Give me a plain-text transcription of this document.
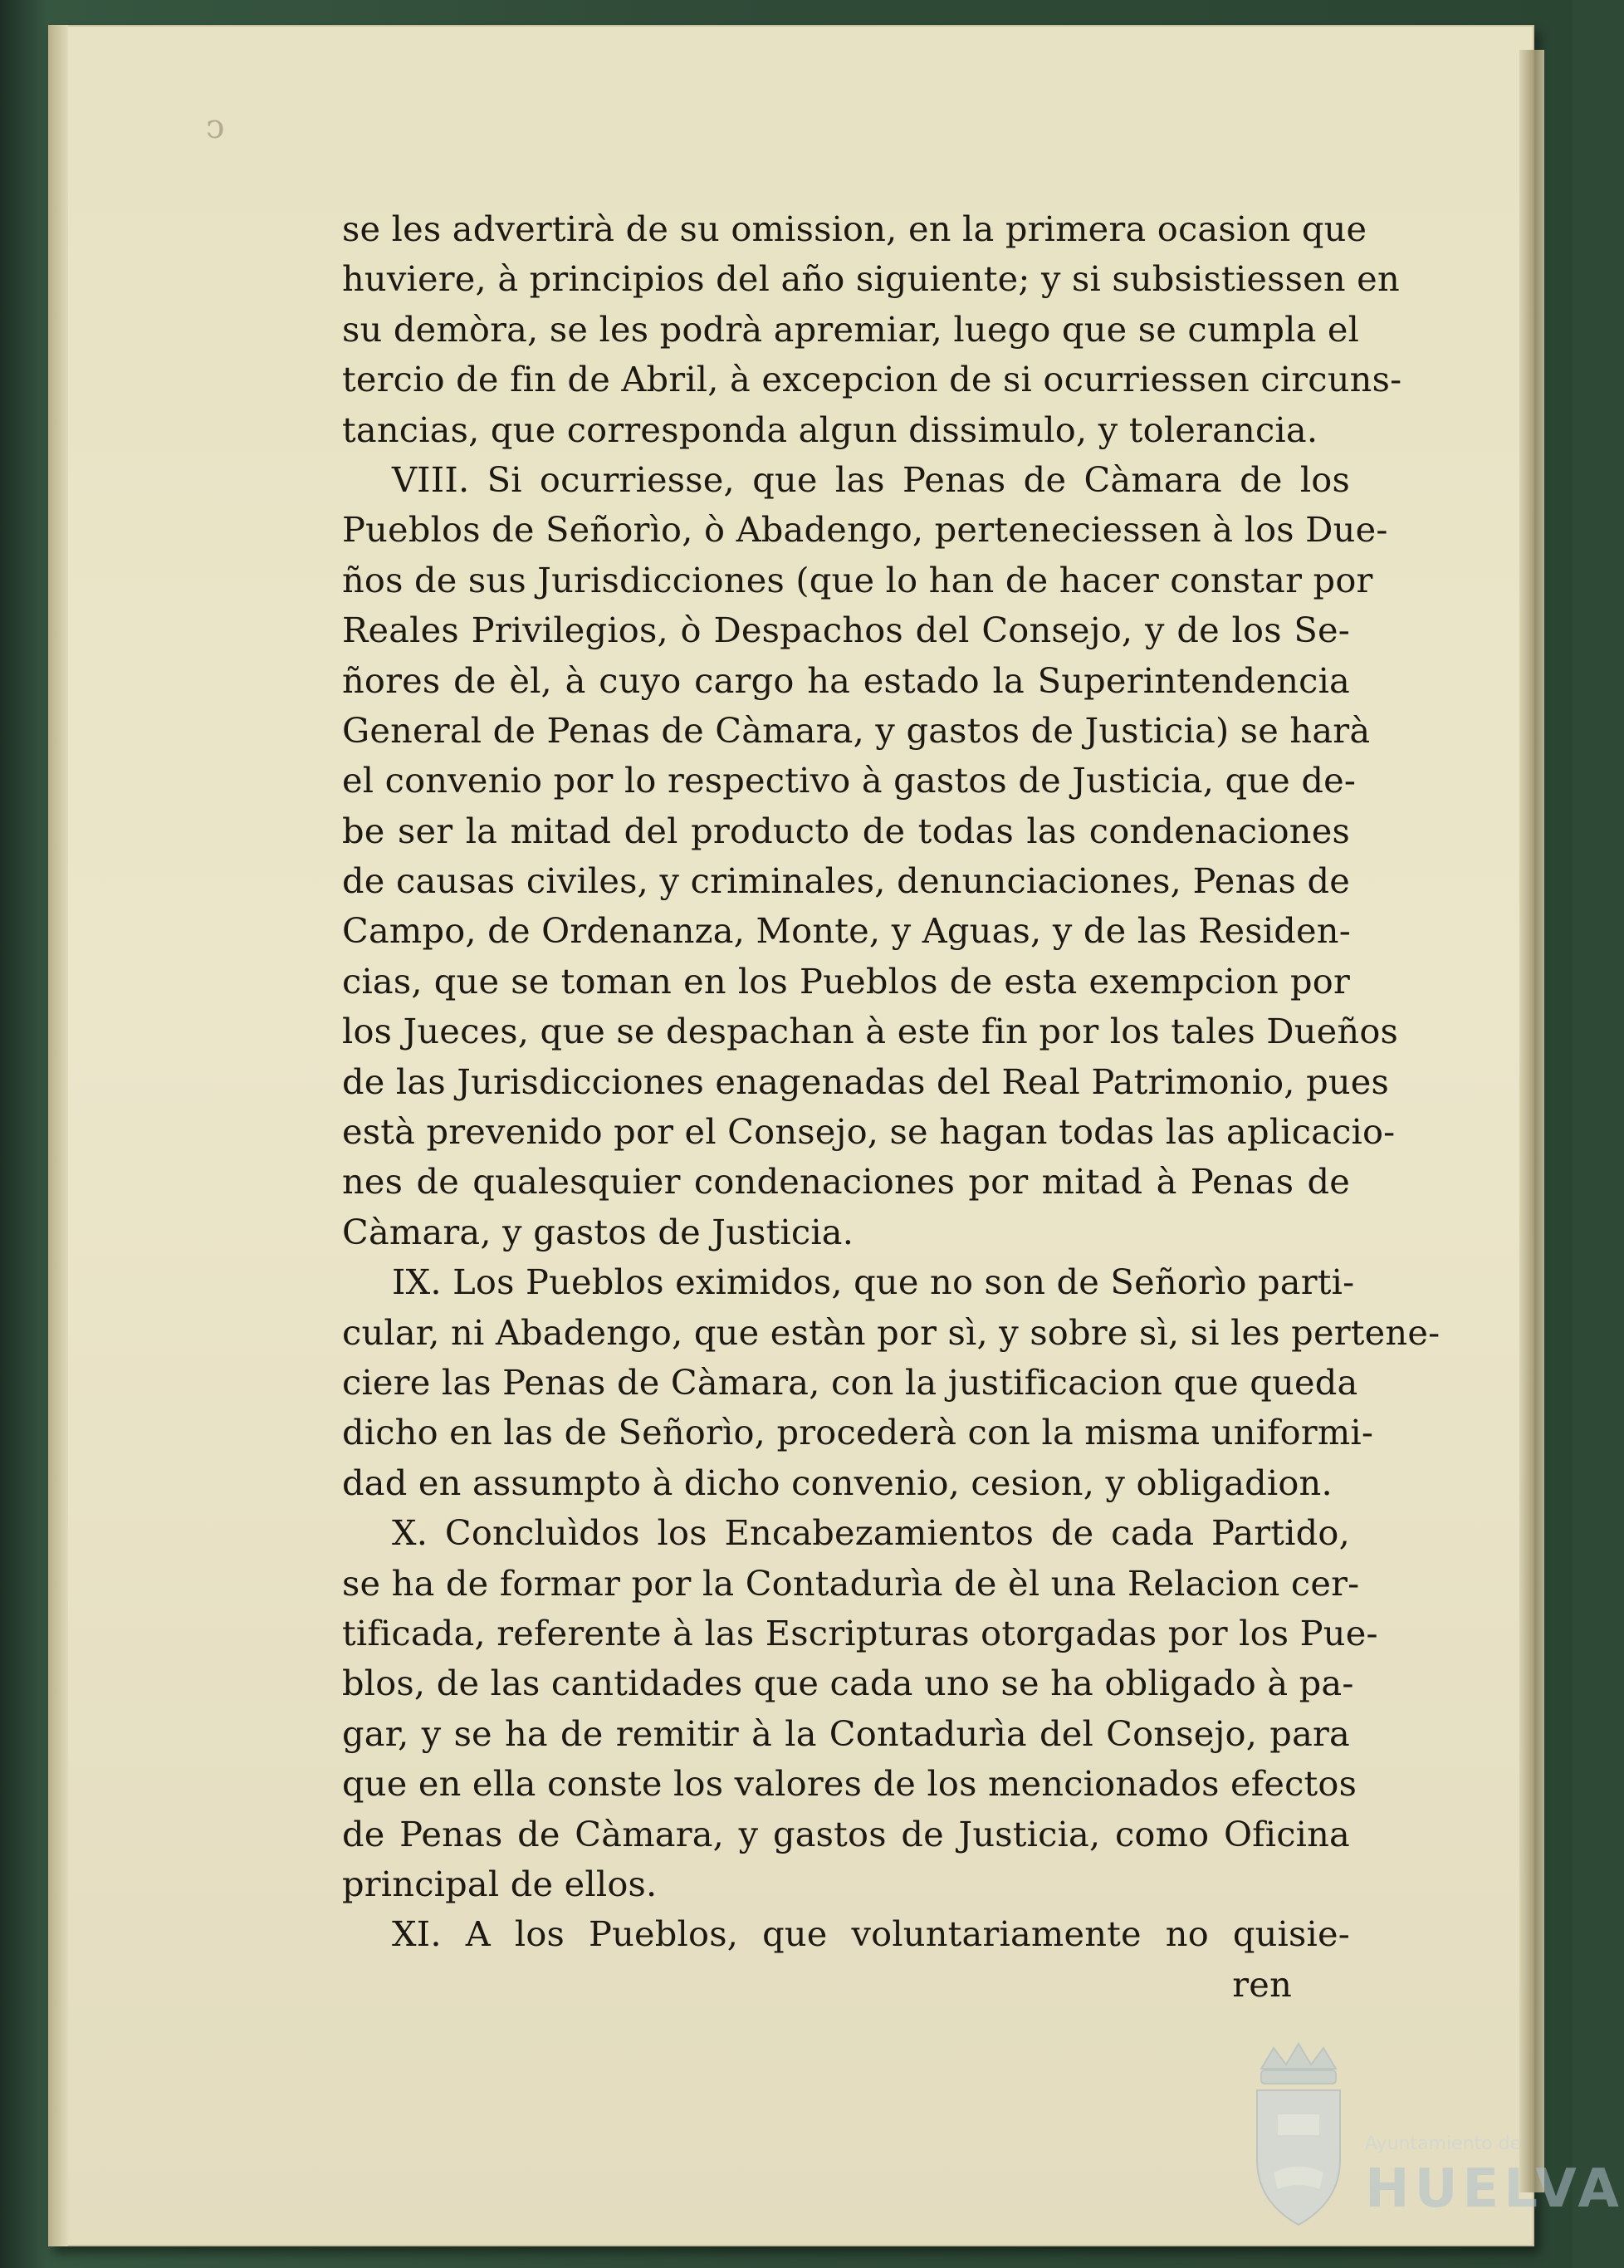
ↄ
se les advertirà de su omission, en la primera ocasion que
huviere, à principios del año siguiente; y si subsistiessen en
su demòra, se les podrà apremiar, luego que se cumpla el
tercio de fin de Abril, à excepcion de si ocurriessen circuns-
tancias, que corresponda algun dissimulo, y tolerancia.
VIII. Si ocurriesse, que las Penas de Càmara de los
Pueblos de Señorìo, ò Abadengo, perteneciessen à los Due-
ños de sus Jurisdicciones (que lo han de hacer constar por
Reales Privilegios, ò Despachos del Consejo, y de los Se-
ñores de èl, à cuyo cargo ha estado la Superintendencia
General de Penas de Càmara, y gastos de Justicia) se harà
el convenio por lo respectivo à gastos de Justicia, que de-
be ser la mitad del producto de todas las condenaciones
de causas civiles, y criminales, denunciaciones, Penas de
Campo, de Ordenanza, Monte, y Aguas, y de las Residen-
cias, que se toman en los Pueblos de esta exempcion por
los Jueces, que se despachan à este fin por los tales Dueños
de las Jurisdicciones enagenadas del Real Patrimonio, pues
està prevenido por el Consejo, se hagan todas las aplicacio-
nes de qualesquier condenaciones por mitad à Penas de
Càmara, y gastos de Justicia.
IX. Los Pueblos eximidos, que no son de Señorìo parti-
cular, ni Abadengo, que estàn por sì, y sobre sì, si les pertene-
ciere las Penas de Càmara, con la justificacion que queda
dicho en las de Señorìo, procederà con la misma uniformi-
dad en assumpto à dicho convenio, cesion, y obligadion.
X. Concluìdos los Encabezamientos de cada Partido,
se ha de formar por la Contadurìa de èl una Relacion cer-
tificada, referente à las Escripturas otorgadas por los Pue-
blos, de las cantidades que cada uno se ha obligado à pa-
gar, y se ha de remitir à la Contadurìa del Consejo, para
que en ella conste los valores de los mencionados efectos
de Penas de Càmara, y gastos de Justicia, como Oficina
principal de ellos.
XI. A los Pueblos, que voluntariamente no quisie-
ren
Ayuntamiento de
HUELVA
